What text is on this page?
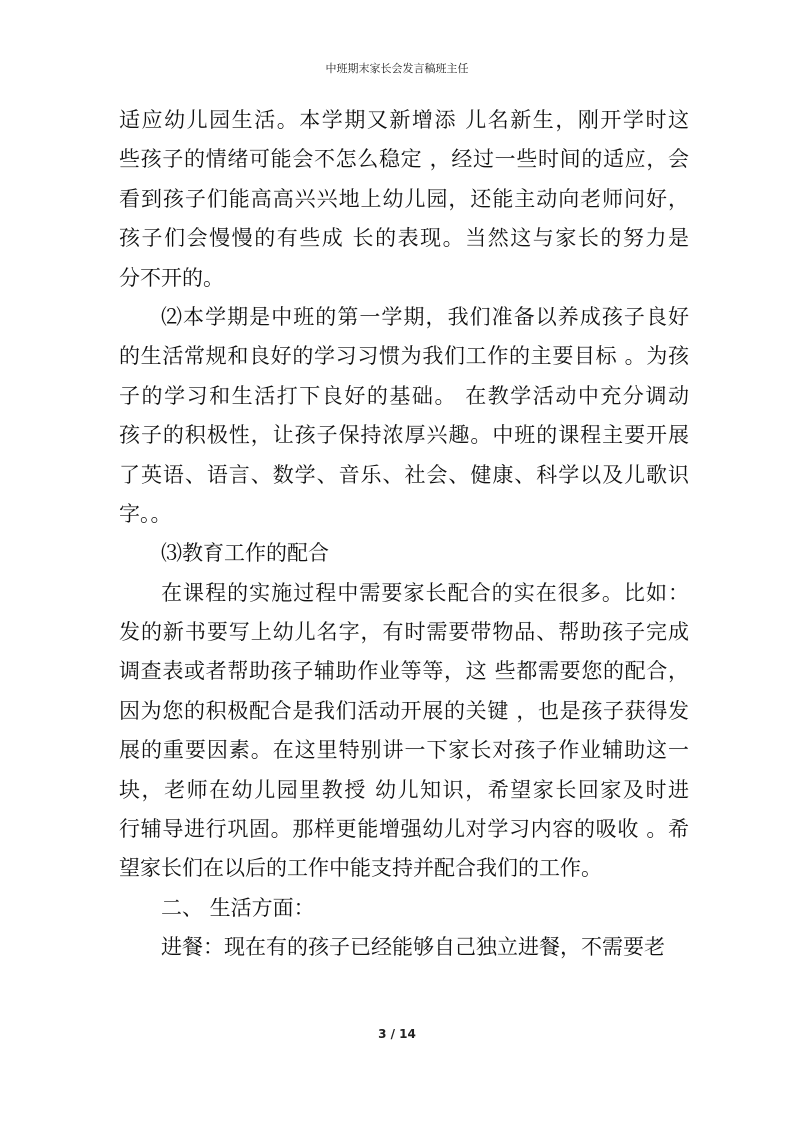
中班期末家长会发言稿班主任
适应幼儿园生活。本学期又新增添 儿名新生，刚开学时这
些孩子的情绪可能会不怎么稳定 ，经过一些时间的适应，会
看到孩子们能高高兴兴地上幼儿园，还能主动向老师问好，
孩子们会慢慢的有些成 长的表现。当然这与家长的努力是
分不开的。
⑵本学期是中班的第一学期，我们准备以养成孩子良好
的生活常规和良好的学习习惯为我们工作的主要目标 。为孩
子的学习和生活打下良好的基础。 在教学活动中充分调动
孩子的积极性，让孩子保持浓厚兴趣。中班的课程主要开展
了英语、语言、数学、音乐、社会、健康、科学以及儿歌识
字。。
⑶教育工作的配合
在课程的实施过程中需要家长配合的实在很多。比如：
发的新书要写上幼儿名字，有时需要带物品、帮助孩子完成
调查表或者帮助孩子辅助作业等等，这 些都需要您的配合，
因为您的积极配合是我们活动开展的关键 ，也是孩子获得发
展的重要因素。在这里特别讲一下家长对孩子作业辅助这一
块，老师在幼儿园里教授 幼儿知识，希望家长回家及时进
行辅导进行巩固。那样更能增强幼儿对学习内容的吸收 。希
望家长们在以后的工作中能支持并配合我们的工作。
二、 生活方面：
进餐：现在有的孩子已经能够自己独立进餐，不需要老
3 / 14
